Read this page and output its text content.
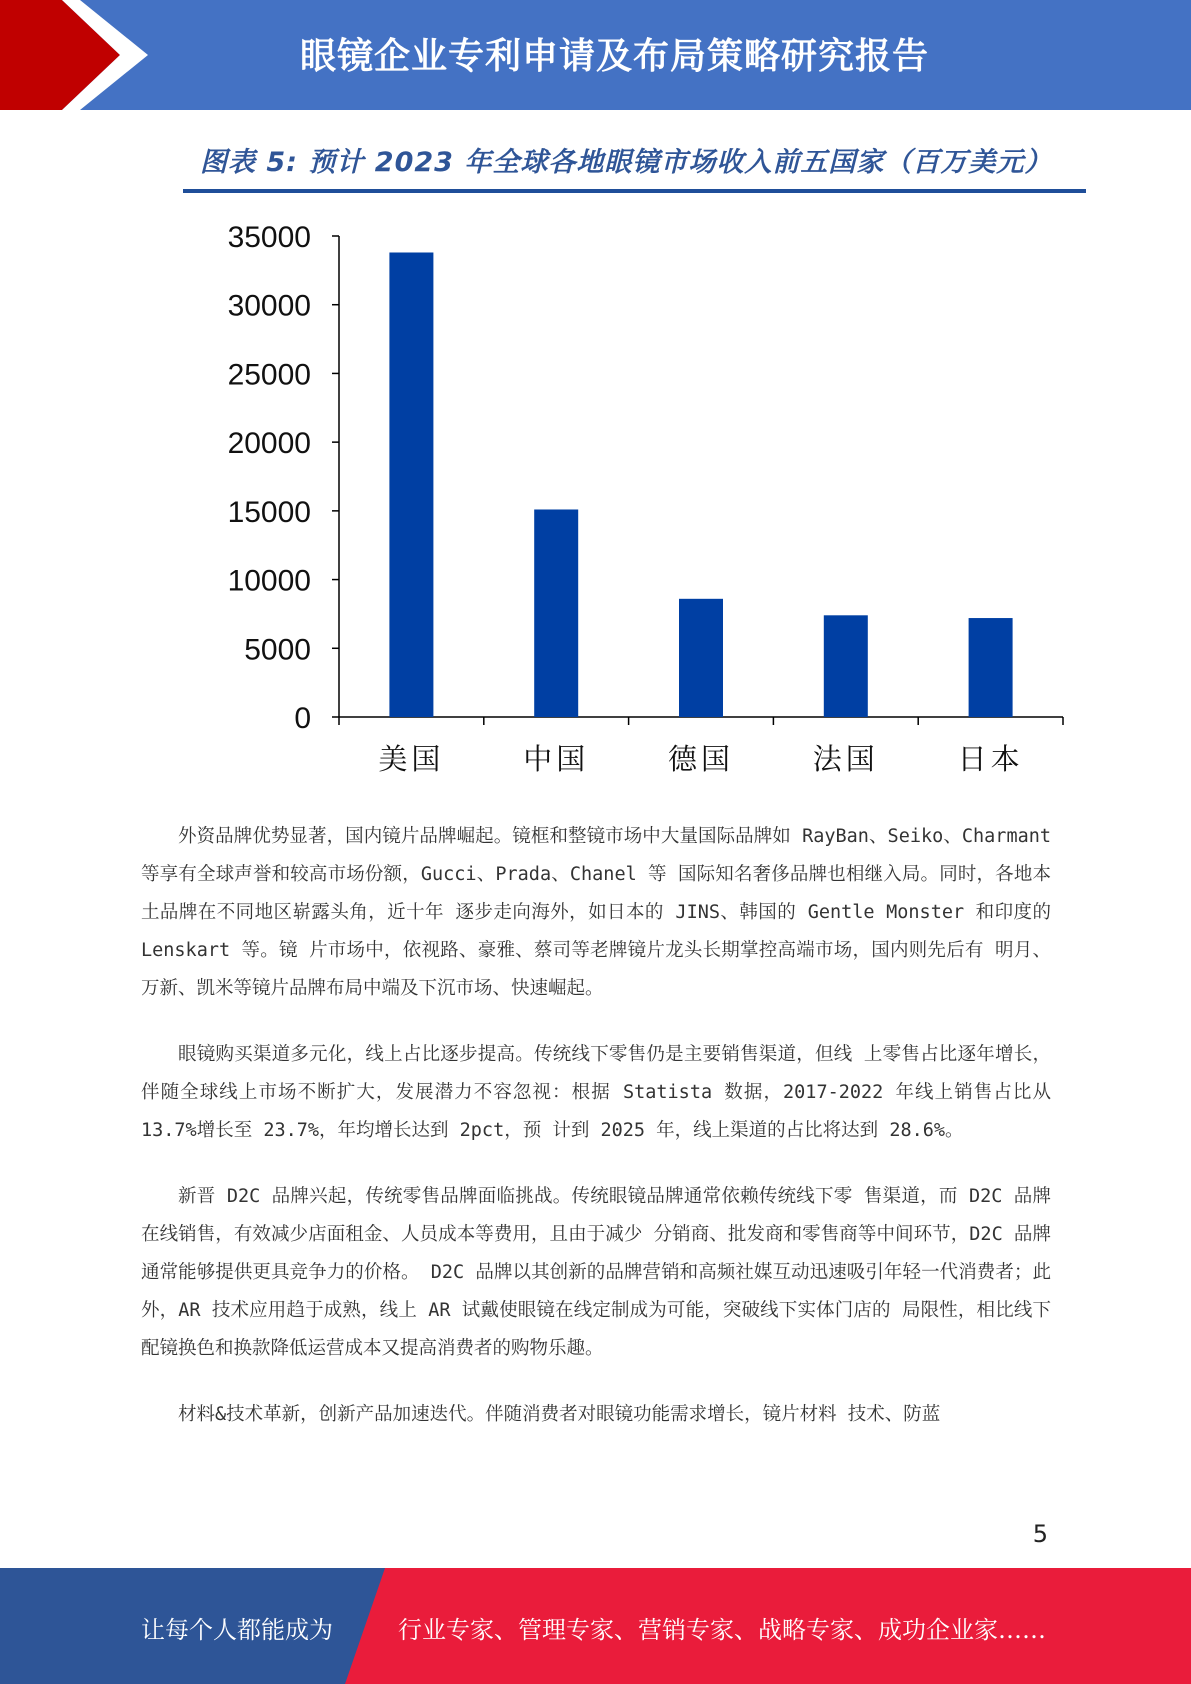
眼镜企业专利申请及布局策略研究报告
图表 5: 预计 2023 年全球各地眼镜市场收入前五国家（百万美元）
0
5000
10000
15000
20000
25000
30000
35000
美国	中国	德国	法国	日本

外资品牌优势显著，国内镜片品牌崛起。镜框和整镜市场中大量国际品牌如 RayBan、Seiko、Charmant 等享有全球声誉和较高市场份额，Gucci、Prada、Chanel 等 国际知名奢侈品牌也相继入局。同时，各地本土品牌在不同地区崭露头角，近十年 逐步走向海外，如日本的 JINS、韩国的 Gentle Monster 和印度的 Lenskart 等。镜 片市场中，依视路、豪雅、蔡司等老牌镜片龙头长期掌控高端市场，国内则先后有 明月、万新、凯米等镜片品牌布局中端及下沉市场、快速崛起。

眼镜购买渠道多元化，线上占比逐步提高。传统线下零售仍是主要销售渠道，但线 上零售占比逐年增长，伴随全球线上市场不断扩大，发展潜力不容忽视：根据 Statista 数据，2017-2022 年线上销售占比从 13.7%增长至 23.7%，年均增长达到 2pct，预 计到 2025 年，线上渠道的占比将达到 28.6%。

新晋 D2C 品牌兴起，传统零售品牌面临挑战。传统眼镜品牌通常依赖传统线下零 售渠道，而 D2C 品牌在线销售，有效减少店面租金、人员成本等费用，且由于减少 分销商、批发商和零售商等中间环节，D2C 品牌通常能够提供更具竞争力的价格。 D2C 品牌以其创新的品牌营销和高频社媒互动迅速吸引年轻一代消费者；此外，AR 技术应用趋于成熟，线上 AR 试戴使眼镜在线定制成为可能，突破线下实体门店的 局限性，相比线下配镜换色和换款降低运营成本又提高消费者的购物乐趣。

材料&技术革新，创新产品加速迭代。伴随消费者对眼镜功能需求增长，镜片材料 技术、防蓝

5
让每个人都能成为	行业专家、管理专家、营销专家、战略专家、成功企业家……
